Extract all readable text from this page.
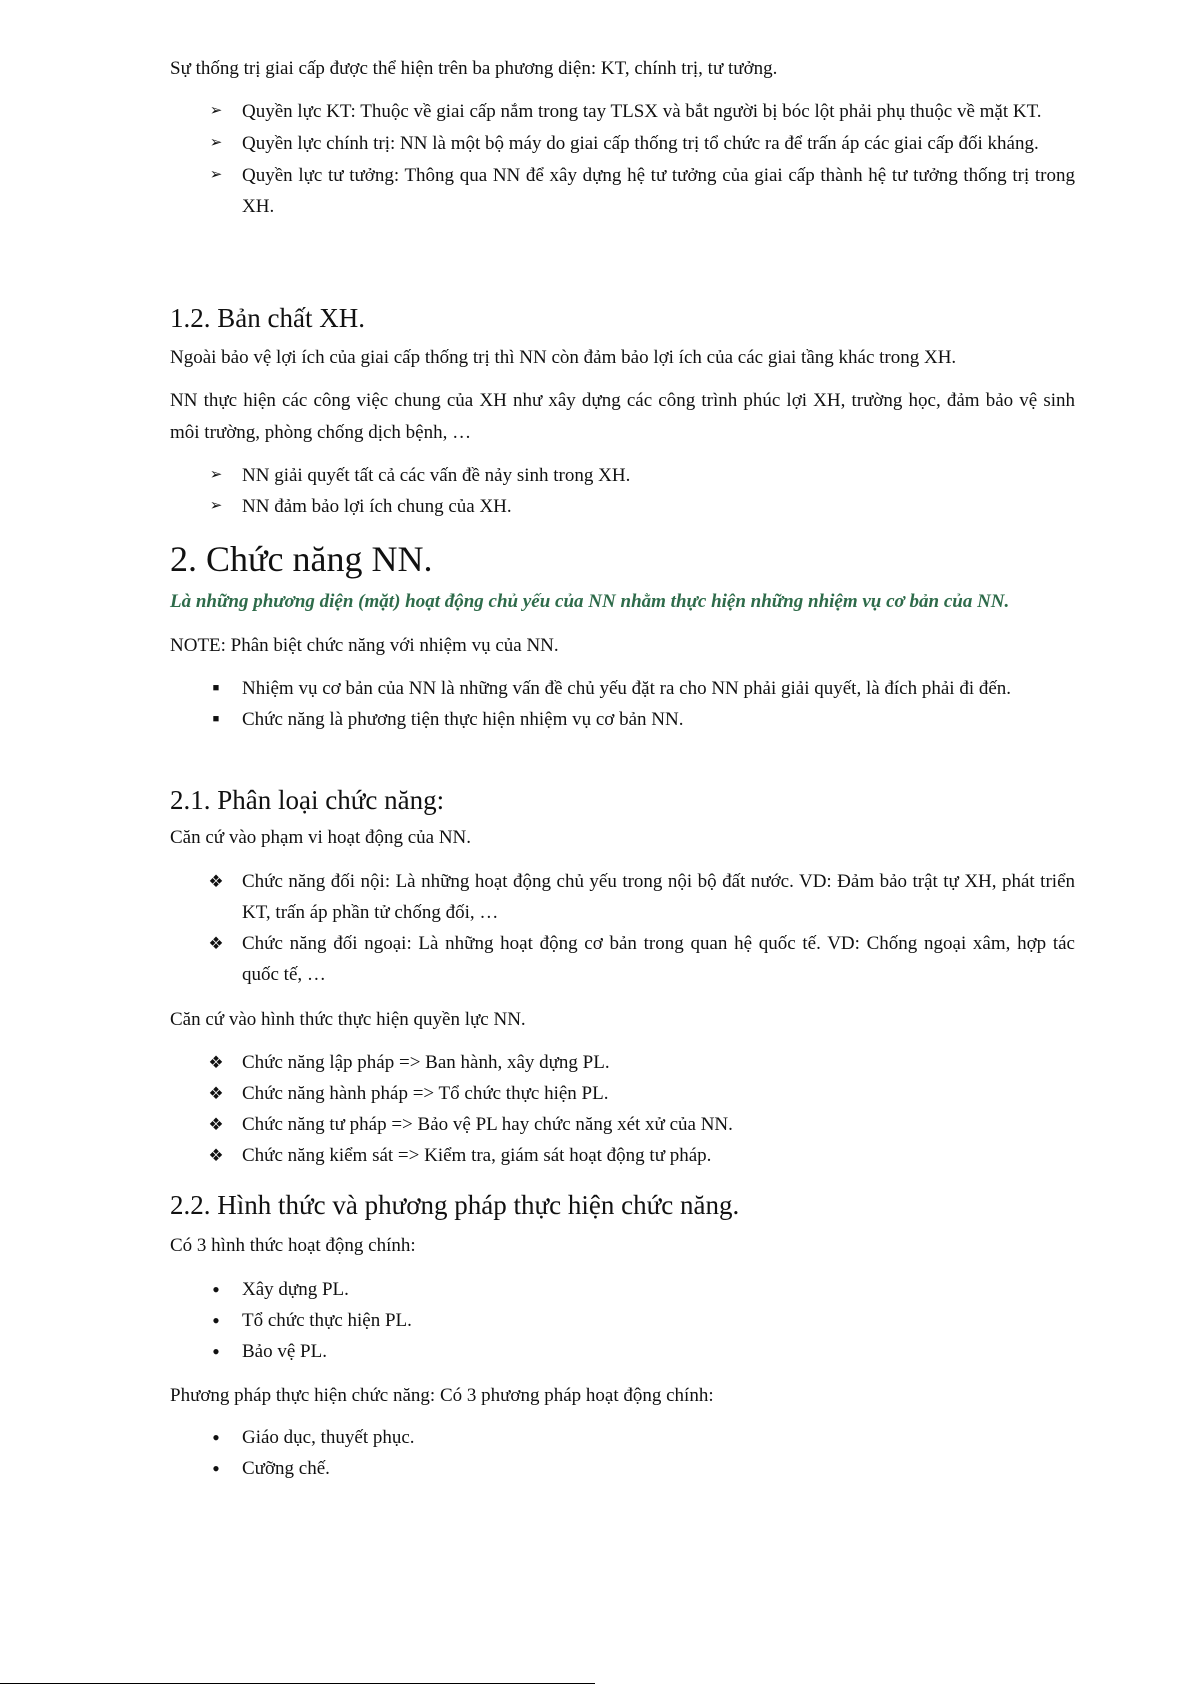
Sự thống trị giai cấp được thể hiện trên ba phương diện: KT, chính trị, tư tưởng.

➢ Quyền lực KT: Thuộc về giai cấp nắm trong tay TLSX và bắt người bị bóc lột phải phụ thuộc về mặt KT.
➢ Quyền lực chính trị: NN là một bộ máy do giai cấp thống trị tổ chức ra để trấn áp các giai cấp đối kháng.
➢ Quyền lực tư tưởng: Thông qua NN để xây dựng hệ tư tưởng của giai cấp thành hệ tư tưởng thống trị trong XH.
1.2. Bản chất XH.

Ngoài bảo vệ lợi ích của giai cấp thống trị thì NN còn đảm bảo lợi ích của các giai tầng khác trong XH.

NN thực hiện các công việc chung của XH như xây dựng các công trình phúc lợi XH, trường học, đảm bảo vệ sinh môi trường, phòng chống dịch bệnh, …

➢ NN giải quyết tất cả các vấn đề nảy sinh trong XH.
➢ NN đảm bảo lợi ích chung của XH.
2. Chức năng NN.

Là những phương diện (mặt) hoạt động chủ yếu của NN nhằm thực hiện những nhiệm vụ cơ bản của NN.

NOTE: Phân biệt chức năng với nhiệm vụ của NN.

■	Nhiệm vụ cơ bản của NN là những vấn đề chủ yếu đặt ra cho NN phải giải quyết, là đích phải đi đến.
■	Chức năng là phương tiện thực hiện nhiệm vụ cơ bản NN.
2.1. Phân loại chức năng:

Căn cứ vào phạm vi hoạt động của NN.

❖ Chức năng đối nội: Là những hoạt động chủ yếu trong nội bộ đất nước. VD: Đảm bảo trật tự XH, phát triển KT, trấn áp phần tử chống đối, …
❖ Chức năng đối ngoại: Là những hoạt động cơ bản trong quan hệ quốc tế. VD: Chống ngoại xâm, hợp tác quốc tế, …

Căn cứ vào hình thức thực hiện quyền lực NN.

❖ Chức năng lập pháp => Ban hành, xây dựng PL.
❖ Chức năng hành pháp => Tổ chức thực hiện PL.
❖ Chức năng tư pháp => Bảo vệ PL hay chức năng xét xử của NN.
❖ Chức năng kiểm sát => Kiểm tra, giám sát hoạt động tư pháp.
2.2. Hình thức và phương pháp thực hiện chức năng.

Có 3 hình thức hoạt động chính:

•	Xây dựng PL.
•	Tổ chức thực hiện PL.
•	Bảo vệ PL.

Phương pháp thực hiện chức năng: Có 3 phương pháp hoạt động chính:

•	Giáo dục, thuyết phục.
•	Cưỡng chế.
